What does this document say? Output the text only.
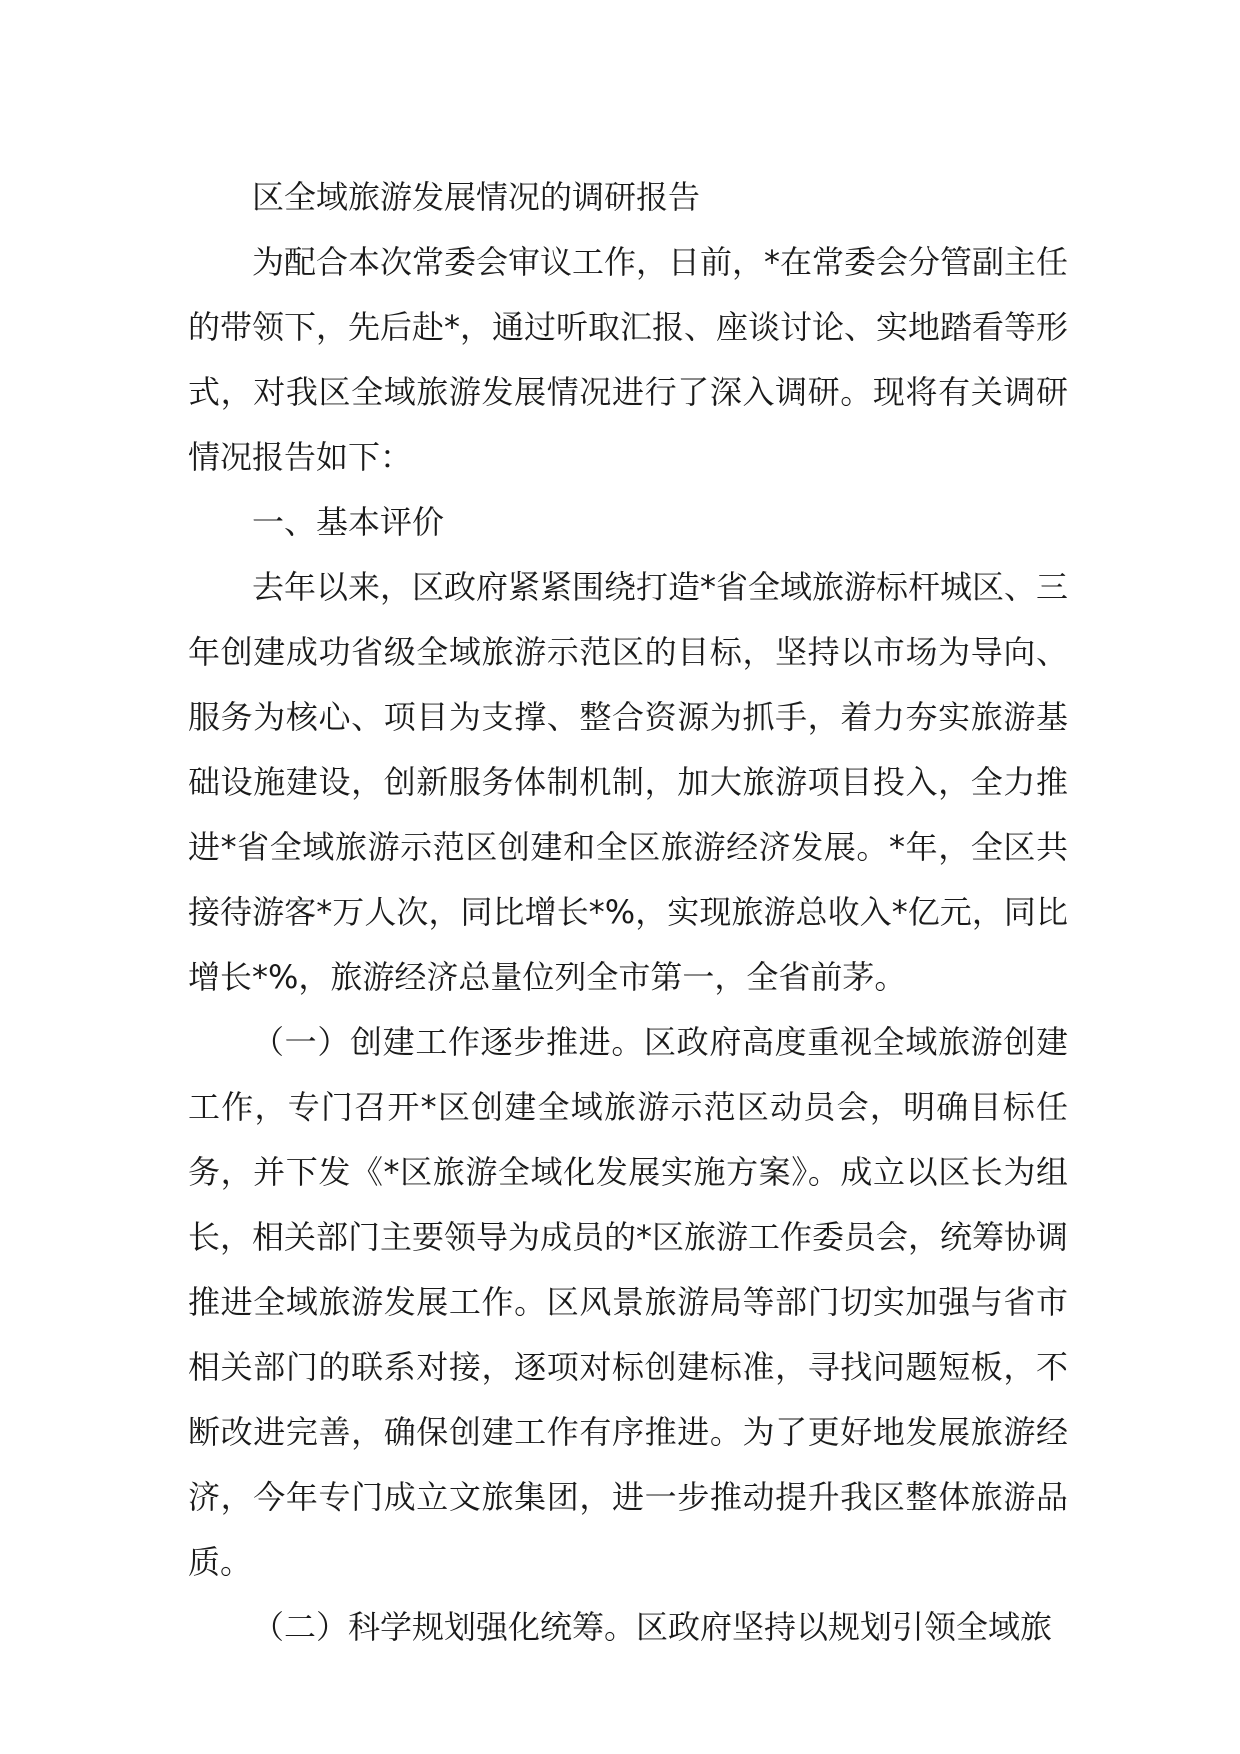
区全域旅游发展情况的调研报告

为配合本次常委会审议工作，日前，*在常委会分管副主任的带领下，先后赴*，通过听取汇报、座谈讨论、实地踏看等形式，对我区全域旅游发展情况进行了深入调研。现将有关调研情况报告如下：

一、基本评价

去年以来，区政府紧紧围绕打造*省全域旅游标杆城区、三年创建成功省级全域旅游示范区的目标，坚持以市场为导向、服务为核心、项目为支撑、整合资源为抓手，着力夯实旅游基础设施建设，创新服务体制机制，加大旅游项目投入，全力推进*省全域旅游示范区创建和全区旅游经济发展。*年，全区共接待游客*万人次，同比增长*%，实现旅游总收入*亿元，同比增长*%，旅游经济总量位列全市第一，全省前茅。

（一）创建工作逐步推进。区政府高度重视全域旅游创建工作，专门召开*区创建全域旅游示范区动员会，明确目标任务，并下发《*区旅游全域化发展实施方案》。成立以区长为组长，相关部门主要领导为成员的*区旅游工作委员会，统筹协调推进全域旅游发展工作。区风景旅游局等部门切实加强与省市相关部门的联系对接，逐项对标创建标准，寻找问题短板，不断改进完善，确保创建工作有序推进。为了更好地发展旅游经济，今年专门成立文旅集团，进一步推动提升我区整体旅游品质。

（二）科学规划强化统筹。区政府坚持以规划引领全域旅
